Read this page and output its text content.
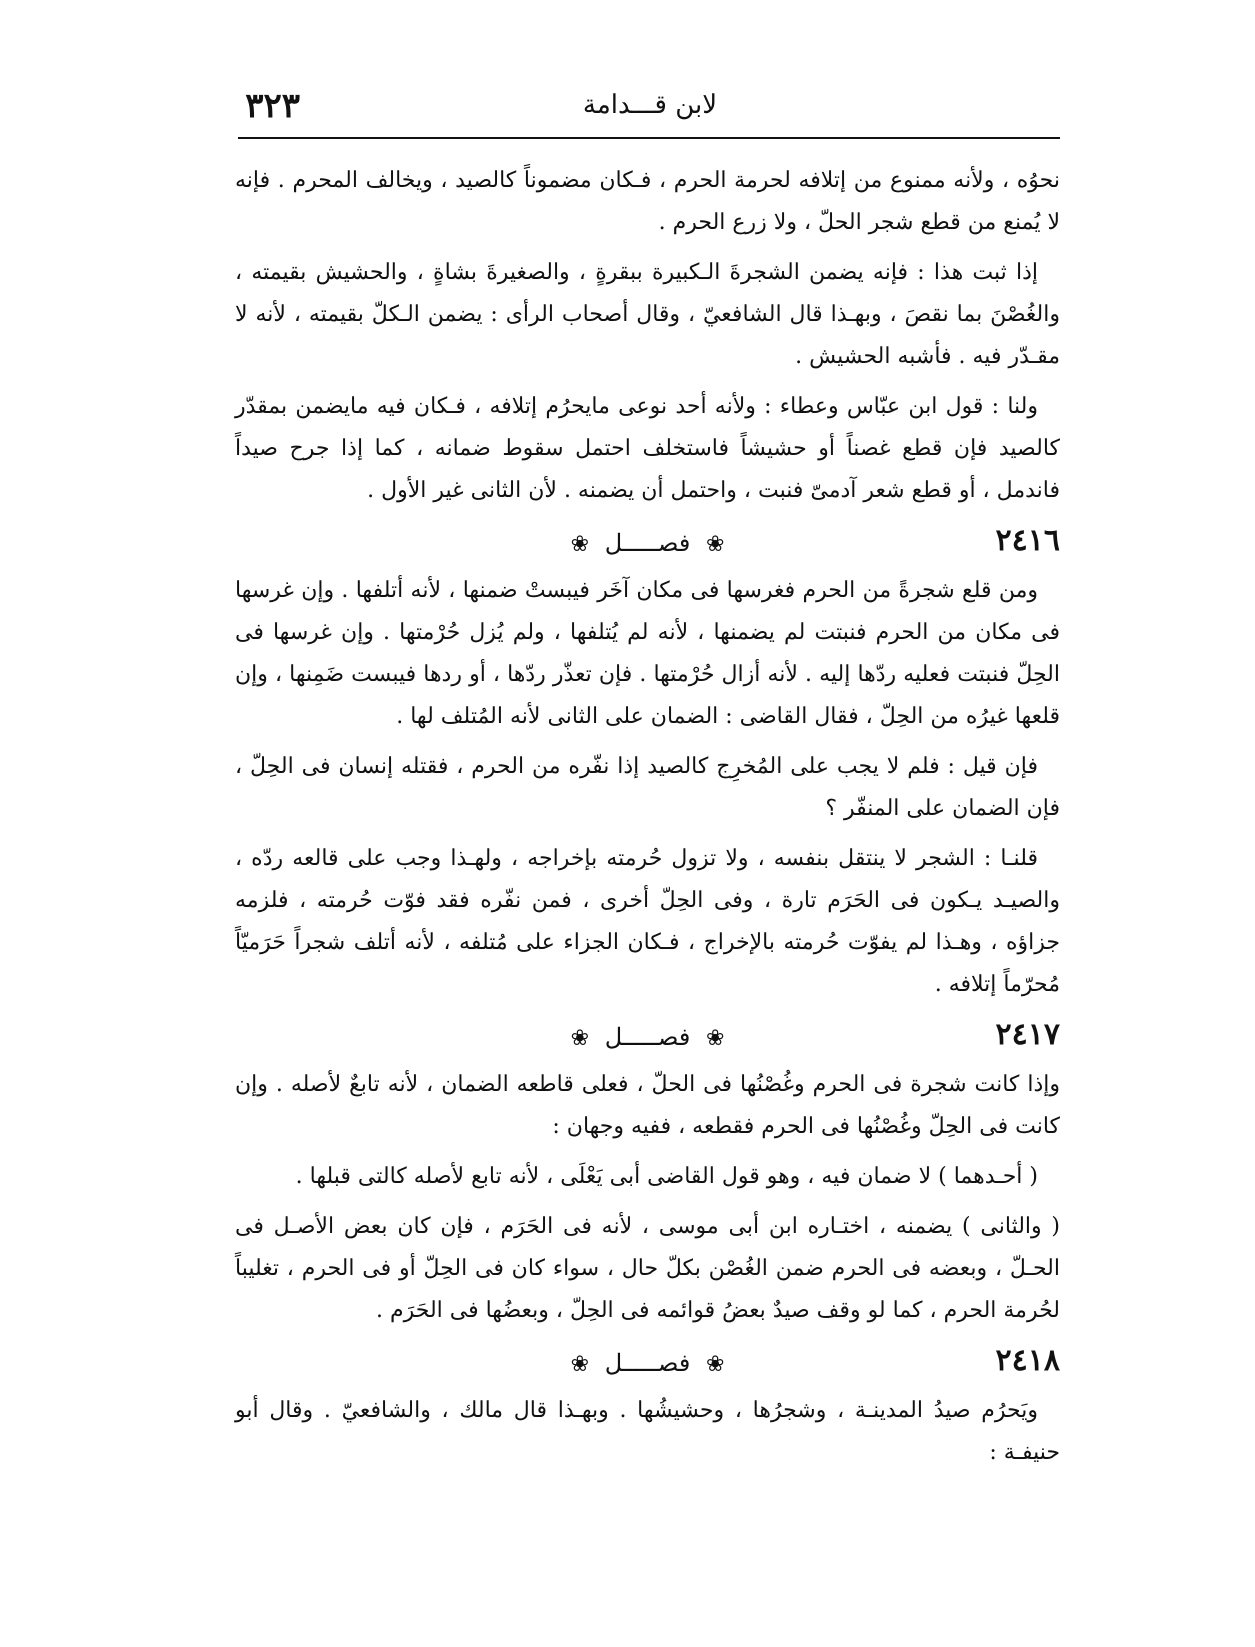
٣٢٣	لابن قـــدامة

نحوُه ، ولأنه ممنوع من إتلافه لحرمة الحرم ، فـكان مضموناً كالصيد ، ويخالف المحرم . فإنه لا يُمنع من قطع شجر الحلّ ، ولا زرع الحرم .

إذا ثبت هذا : فإنه يضمن الشجرةَ الـكبيرة ببقرةٍ ، والصغيرةَ بشاةٍ ، والحشيش بقيمته ، والغُصْنَ بما نقصَ ، وبهـذا قال الشافعيّ ، وقال أصحاب الرأى : يضمن الـكلّ بقيمته ، لأنه لا مقـدّر فيه . فأشبه الحشيش .

ولنا : قول ابن عبّاس وعطاء : ولأنه أحد نوعى مايحرُم إتلافه ، فـكان فيه مايضمن بمقدّر كالصيد فإن قطع غصناً أو حشيشاً فاستخلف احتمل سقوط ضمانه ، كما إذا جرح صيداً فاندمل ، أو قطع شعر آدمىّ فنبت ، واحتمل أن يضمنه . لأن الثانى غير الأول .

٢٤١٦
❀ فصـــــل ❀

ومن قلع شجرةً من الحرم فغرسها فى مكان آخَر فيبستْ ضمنها ، لأنه أتلفها . وإن غرسها فى مكان من الحرم فنبتت لم يضمنها ، لأنه لم يُتلفها ، ولم يُزل حُرْمتها . وإن غرسها فى الحِلّ فنبتت فعليه ردّها إليه . لأنه أزال حُرْمتها . فإن تعذّر ردّها ، أو ردها فيبست ضَمِنها ، وإن قلعها غيرُه من الحِلّ ، فقال القاضى : الضمان على الثانى لأنه المُتلف لها .

فإن قيل : فلم لا يجب على المُخرِج كالصيد إذا نفّره من الحرم ، فقتله إنسان فى الحِلّ ، فإن الضمان على المنفّر ؟

قلنـا : الشجر لا ينتقل بنفسه ، ولا تزول حُرمته بإخراجه ، ولهـذا وجب على قالعه ردّه ، والصيـد يـكون فى الحَرَم تارة ، وفى الحِلّ أخرى ، فمن نفّره فقد فوّت حُرمته ، فلزمه جزاؤه ، وهـذا لم يفوّت حُرمته بالإخراج ، فـكان الجزاء على مُتلفه ، لأنه أتلف شجراً حَرَميّاً مُحرّماً إتلافه .

٢٤١٧
❀ فصـــــل ❀

وإذا كانت شجرة فى الحرم وغُصْنُها فى الحلّ ، فعلى قاطعه الضمان ، لأنه تابعٌ لأصله . وإن كانت فى الحِلّ وغُصْنُها فى الحرم فقطعه ، ففيه وجهان :

( أحـدهما ) لا ضمان فيه ، وهو قول القاضى أبى يَعْلَى ، لأنه تابع لأصله كالتى قبلها .

( والثانى ) يضمنه ، اختـاره ابن أبى موسى ، لأنه فى الحَرَم ، فإن كان بعض الأصـل فى الحـلّ ، وبعضه فى الحرم ضمن الغُصْن بكلّ حال ، سواء كان فى الحِلّ أو فى الحرم ، تغليباً لحُرمة الحرم ، كما لو وقف صيدٌ بعضُ قوائمه فى الحِلّ ، وبعضُها فى الحَرَم .

٢٤١٨
❀ فصـــــل ❀

ويَحرُم صيدُ المدينـة ، وشجرُها ، وحشيشُها . وبهـذا قال مالك ، والشافعيّ . وقال أبو حنيفـة :
